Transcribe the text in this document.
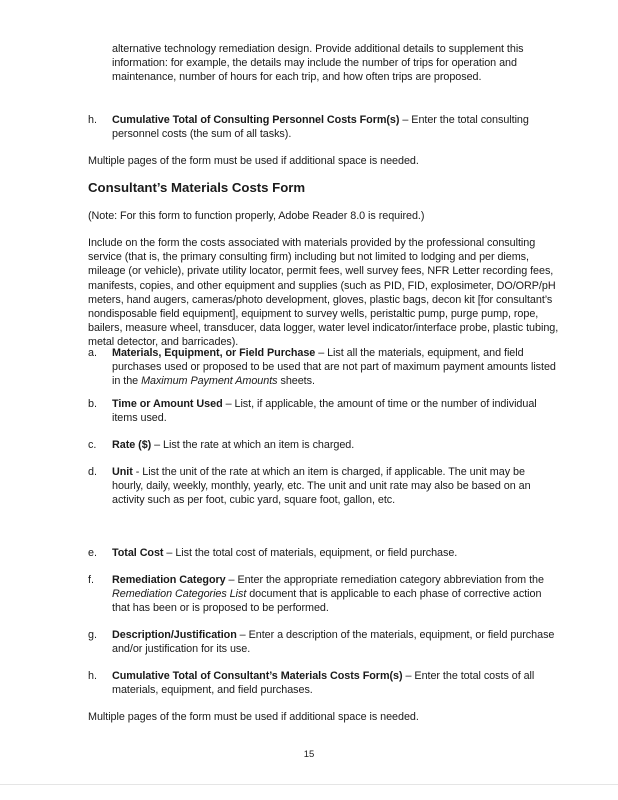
alternative technology remediation design. Provide additional details to supplement this information: for example, the details may include the number of trips for operation and maintenance, number of hours for each trip, and how often trips are proposed.

h. Cumulative Total of Consulting Personnel Costs Form(s) – Enter the total consulting personnel costs (the sum of all tasks).

Multiple pages of the form must be used if additional space is needed.

Consultant’s Materials Costs Form

(Note: For this form to function properly, Adobe Reader 8.0 is required.)

Include on the form the costs associated with materials provided by the professional consulting service (that is, the primary consulting firm) including but not limited to lodging and per diems, mileage (or vehicle), private utility locator, permit fees, well survey fees, NFR Letter recording fees, manifests, copies, and other equipment and supplies (such as PID, FID, explosimeter, DO/ORP/pH meters, hand augers, cameras/photo development, gloves, plastic bags, decon kit [for consultant’s nondisposable field equipment], equipment to survey wells, peristaltic pump, purge pump, rope, bailers, measure wheel, transducer, data logger, water level indicator/interface probe, plastic tubing, metal detector, and barricades).

a. Materials, Equipment, or Field Purchase – List all the materials, equipment, and field purchases used or proposed to be used that are not part of maximum payment amounts listed in the Maximum Payment Amounts sheets.

b. Time or Amount Used – List, if applicable, the amount of time or the number of individual items used.

c. Rate ($) – List the rate at which an item is charged.

d. Unit - List the unit of the rate at which an item is charged, if applicable. The unit may be hourly, daily, weekly, monthly, yearly, etc. The unit and unit rate may also be based on an activity such as per foot, cubic yard, square foot, gallon, etc.

e. Total Cost – List the total cost of materials, equipment, or field purchase.

f. Remediation Category – Enter the appropriate remediation category abbreviation from the Remediation Categories List document that is applicable to each phase of corrective action that has been or is proposed to be performed.

g. Description/Justification – Enter a description of the materials, equipment, or field purchase and/or justification for its use.

h. Cumulative Total of Consultant’s Materials Costs Form(s) – Enter the total costs of all materials, equipment, and field purchases.

Multiple pages of the form must be used if additional space is needed.

15
